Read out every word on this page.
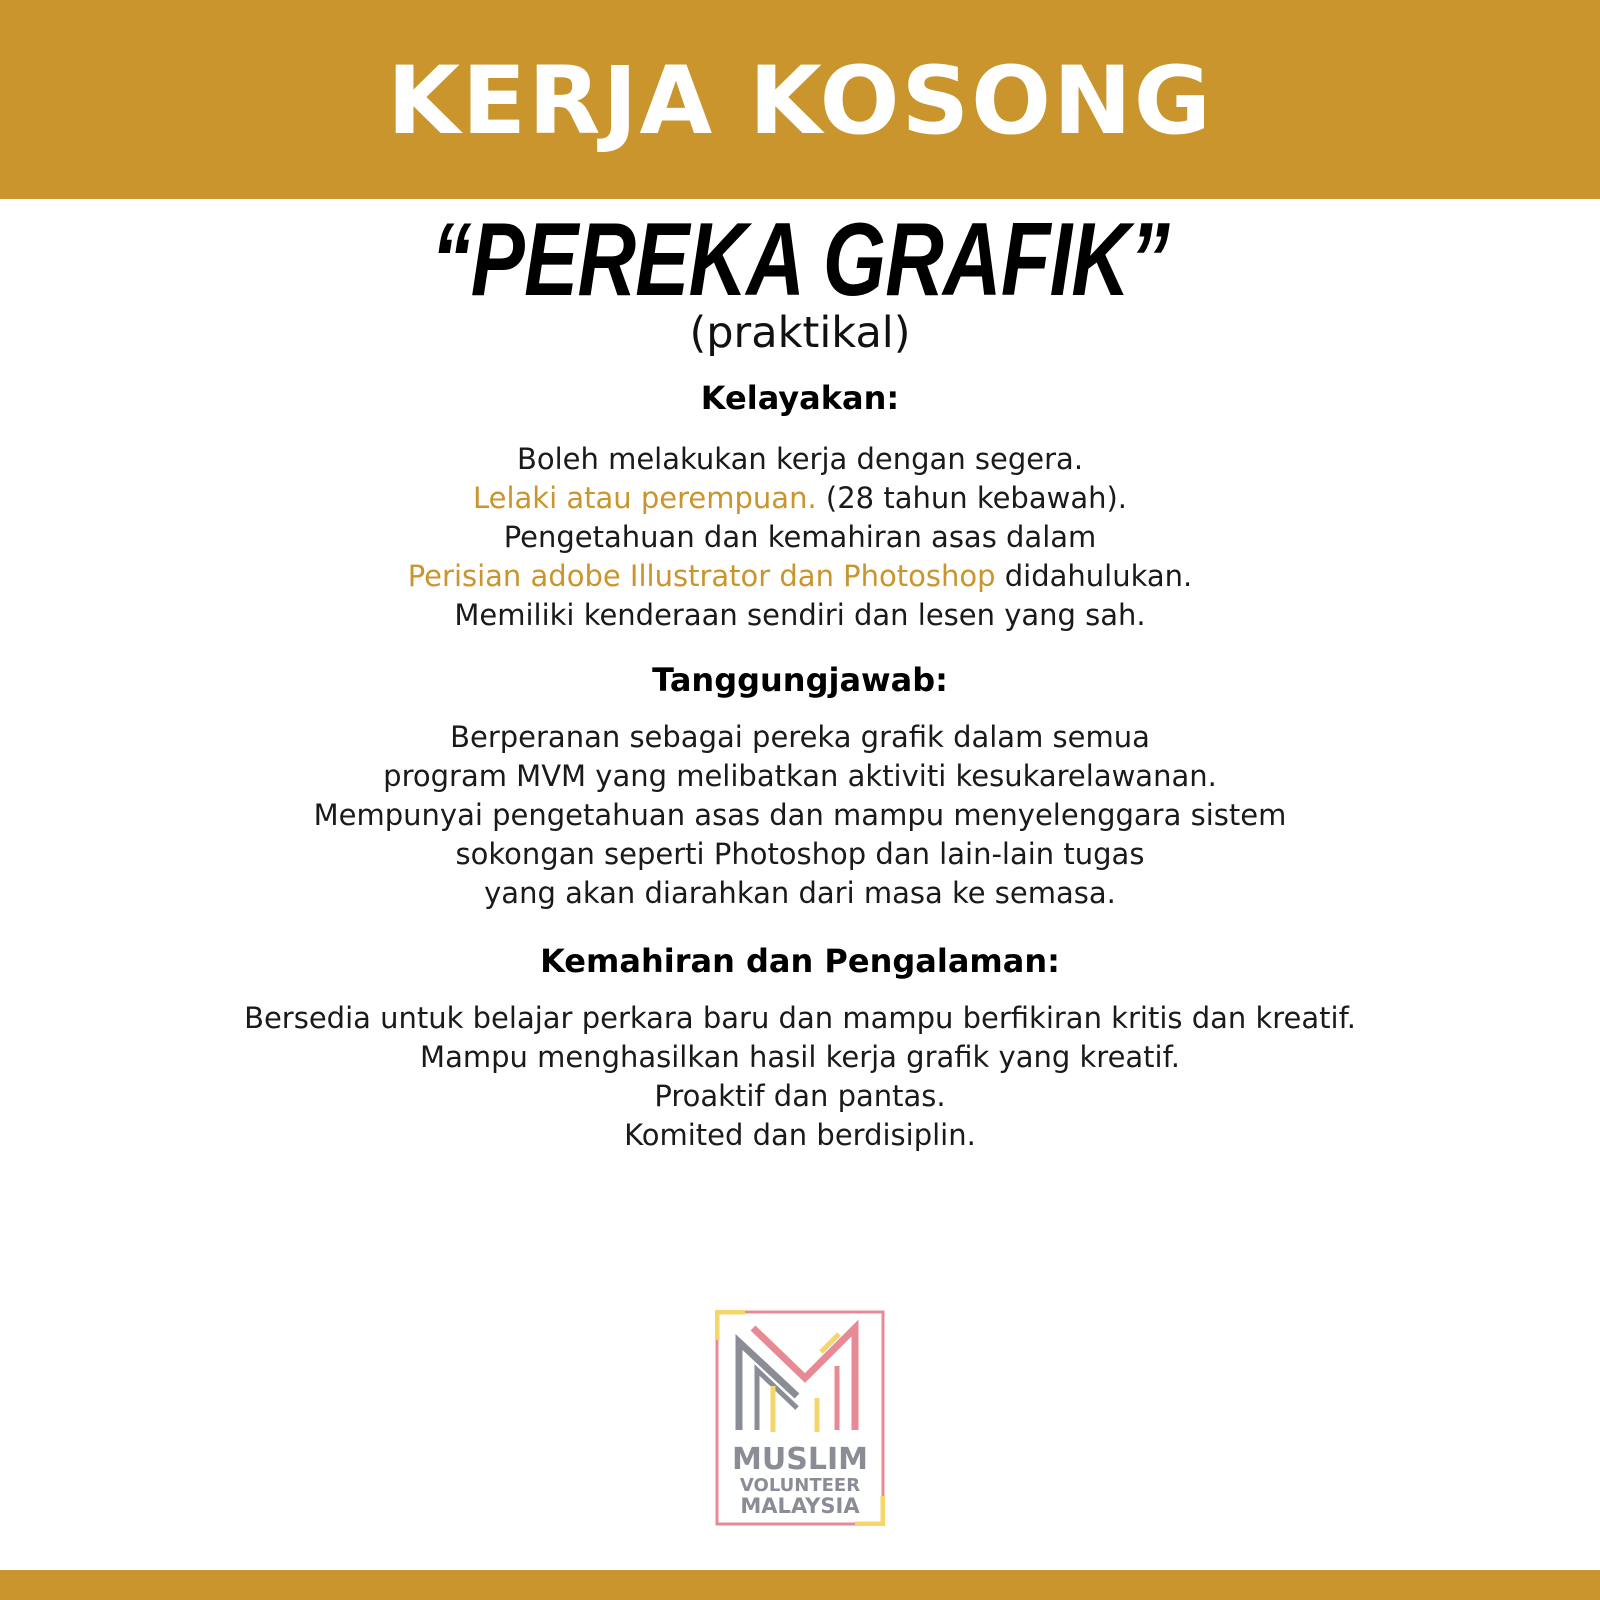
KERJA KOSONG
“PEREKA GRAFIK”
(praktikal)
Kelayakan:
Boleh melakukan kerja dengan segera.
Lelaki atau perempuan. (28 tahun kebawah).
Pengetahuan dan kemahiran asas dalam
Perisian adobe Illustrator dan Photoshop didahulukan.
Memiliki kenderaan sendiri dan lesen yang sah.
Tanggungjawab:
Berperanan sebagai pereka grafik dalam semua
program MVM yang melibatkan aktiviti kesukarelawanan.
Mempunyai pengetahuan asas dan mampu menyelenggara sistem
sokongan seperti Photoshop dan lain-lain tugas
yang akan diarahkan dari masa ke semasa.
Kemahiran dan Pengalaman:
Bersedia untuk belajar perkara baru dan mampu berfikiran kritis dan kreatif.
Mampu menghasilkan hasil kerja grafik yang kreatif.
Proaktif dan pantas.
Komited dan berdisiplin.
MUSLIM
VOLUNTEER
MALAYSIA
